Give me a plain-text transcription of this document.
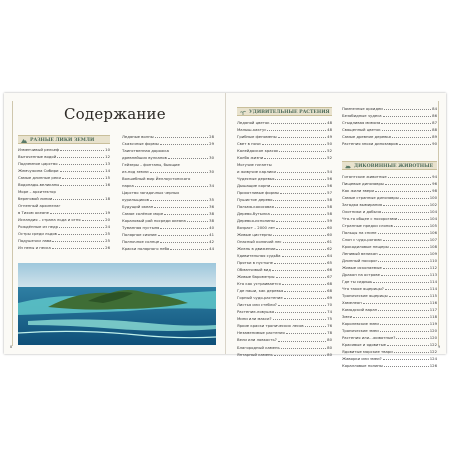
Содержание
РАЗНЫЕ ЛИКИ ЗЕМЛИ
Изменчивый рельеф	10
Выточенные водой	12
Подземное царство	13
Жемчужина Сибири	14
Самые длинные реки	15
Водопады-великаны	16
Море – архитектор
береговой линии	18
Огненный архипелаг
в Тихом океане	19
Исландия – страна льда и огня	20
Рождённые из недр	24
Остры среди льдов	25
Подушечки лава	25
Из пены и песка	26
Ледяные волны	28
Сказочные формы	29
Таинственная дорожка
древнейших вулканов	30
Гейзеры – фонтаны, бьющие
из-под земли	30
Волшебный мир Йеллоустонского
парка	34
Царство загадочных черных
курильщиков	35
Будущий океан	36
Самое солёное море	38
Кораловый рай посреди океана	38
Туманная пустыня	40
Полярное сияние	41
Полночное солнце	42
Краски полярного неба	44
8
УДИВИТЕЛЬНЫЕ РАСТЕНИЯ
Ледяной цветок	48
Малыш-кактус	48
Грибные феномены	49
Свет в ночи	50
Калейдоскоп красок	52
Колба жизни	52
Могучие гиганты
и живучие карлики	54
Чудесные деревья	56
Дышащие корни	56
Прихотливые формы	57
Пушистое дерево	58
Пальма-кокосовая	58
Дерево-бутылка	58
Деревья-исполины	59
Возраст – 2000 лет	60
Живые цистерны	60
Опасный колючий лес	61
Жизнь в движении	62
Удивительная судьба	64
Прятки в пустыне	65
Обманчивый вид	66
Живые барометры	67
Кто как устраивается	68
Где наши, как деревья	68
Горный чудо-растение	69
Листья или стебли?	70
Растение-ловушка	74
Мини или макси?	75
Яркие краски тропических лесов	76
Незаменимые растения	78
Вели или ловкость?	80
Благородный камень	80
Янтарный камень	80
Помпезные орхидеи	84
Безобидные чудеса	86
Стыдливая мимоза	87
Священный цветок	88
Самые древние деревья	89
Растения эпохи динозавров	90
ДИКОВИННЫЕ ЖИВОТНЫЕ
Гигантские животные	94
Пищевые динозавры	96
Как жили звери	98
Самые странные динозавры	100
Загадка вымирания	102
Охотники и добыча	104
Что-то общее с носорогами	104
Странные предки слонов	105
Пальцы на спине	106
Слон с чудо-рогами	107
Крокодиловые пещеры	108
Ленивый великан	109
Длинный носорог	110
Живые ископаемые	112
Дракон на острове	113
Где ты сидишь	114
Что такое ящерицы?	114
Тропические ящерицы	115
Хамелеон	116
Комодский варан	117
Змеи	118
Королевские змеи	119
Тропические змеи	120
Растения или…животные?	120
Красивые и ядовитые	122
Ядовитые морские твари	122
Жаворки или змеи?	124
Коралловые полипы	126
9
